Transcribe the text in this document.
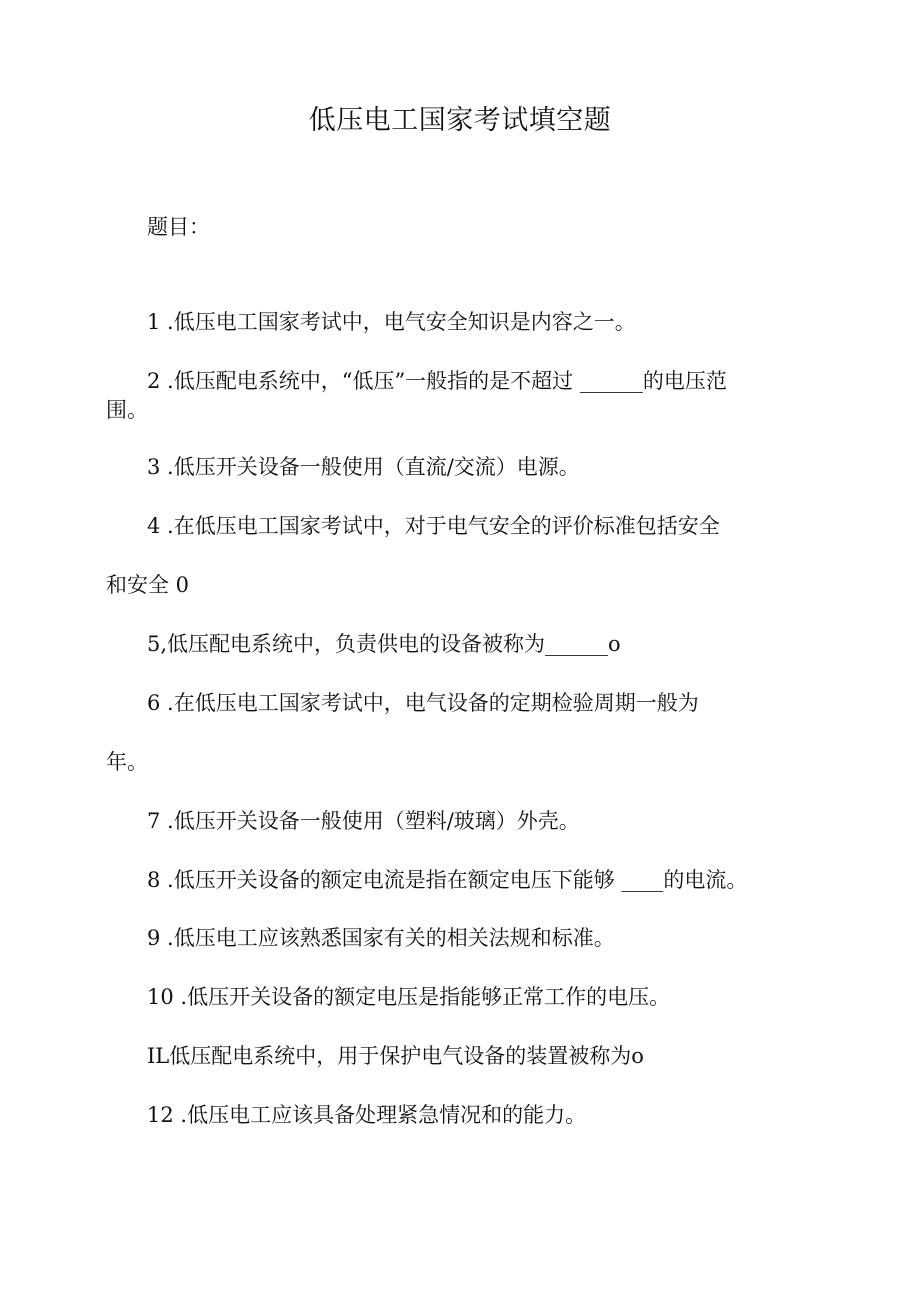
低压电工国家考试填空题
题目：
1 .低压电工国家考试中，电气安全知识是内容之一。
2 .低压配电系统中，“低压”一般指的是不超过 ______的电压范
围。
3 .低压开关设备一般使用（直流/交流）电源。
4 .在低压电工国家考试中，对于电气安全的评价标准包括安全
和安全 0
5,低压配电系统中，负责供电的设备被称为______o
6 .在低压电工国家考试中，电气设备的定期检验周期一般为
年。
7 .低压开关设备一般使用（塑料/玻璃）外壳。
8 .低压开关设备的额定电流是指在额定电压下能够 ____的电流。
9 .低压电工应该熟悉国家有关的相关法规和标准。
10 .低压开关设备的额定电压是指能够正常工作的电压。
IL低压配电系统中，用于保护电气设备的装置被称为o
12 .低压电工应该具备处理紧急情况和的能力。
